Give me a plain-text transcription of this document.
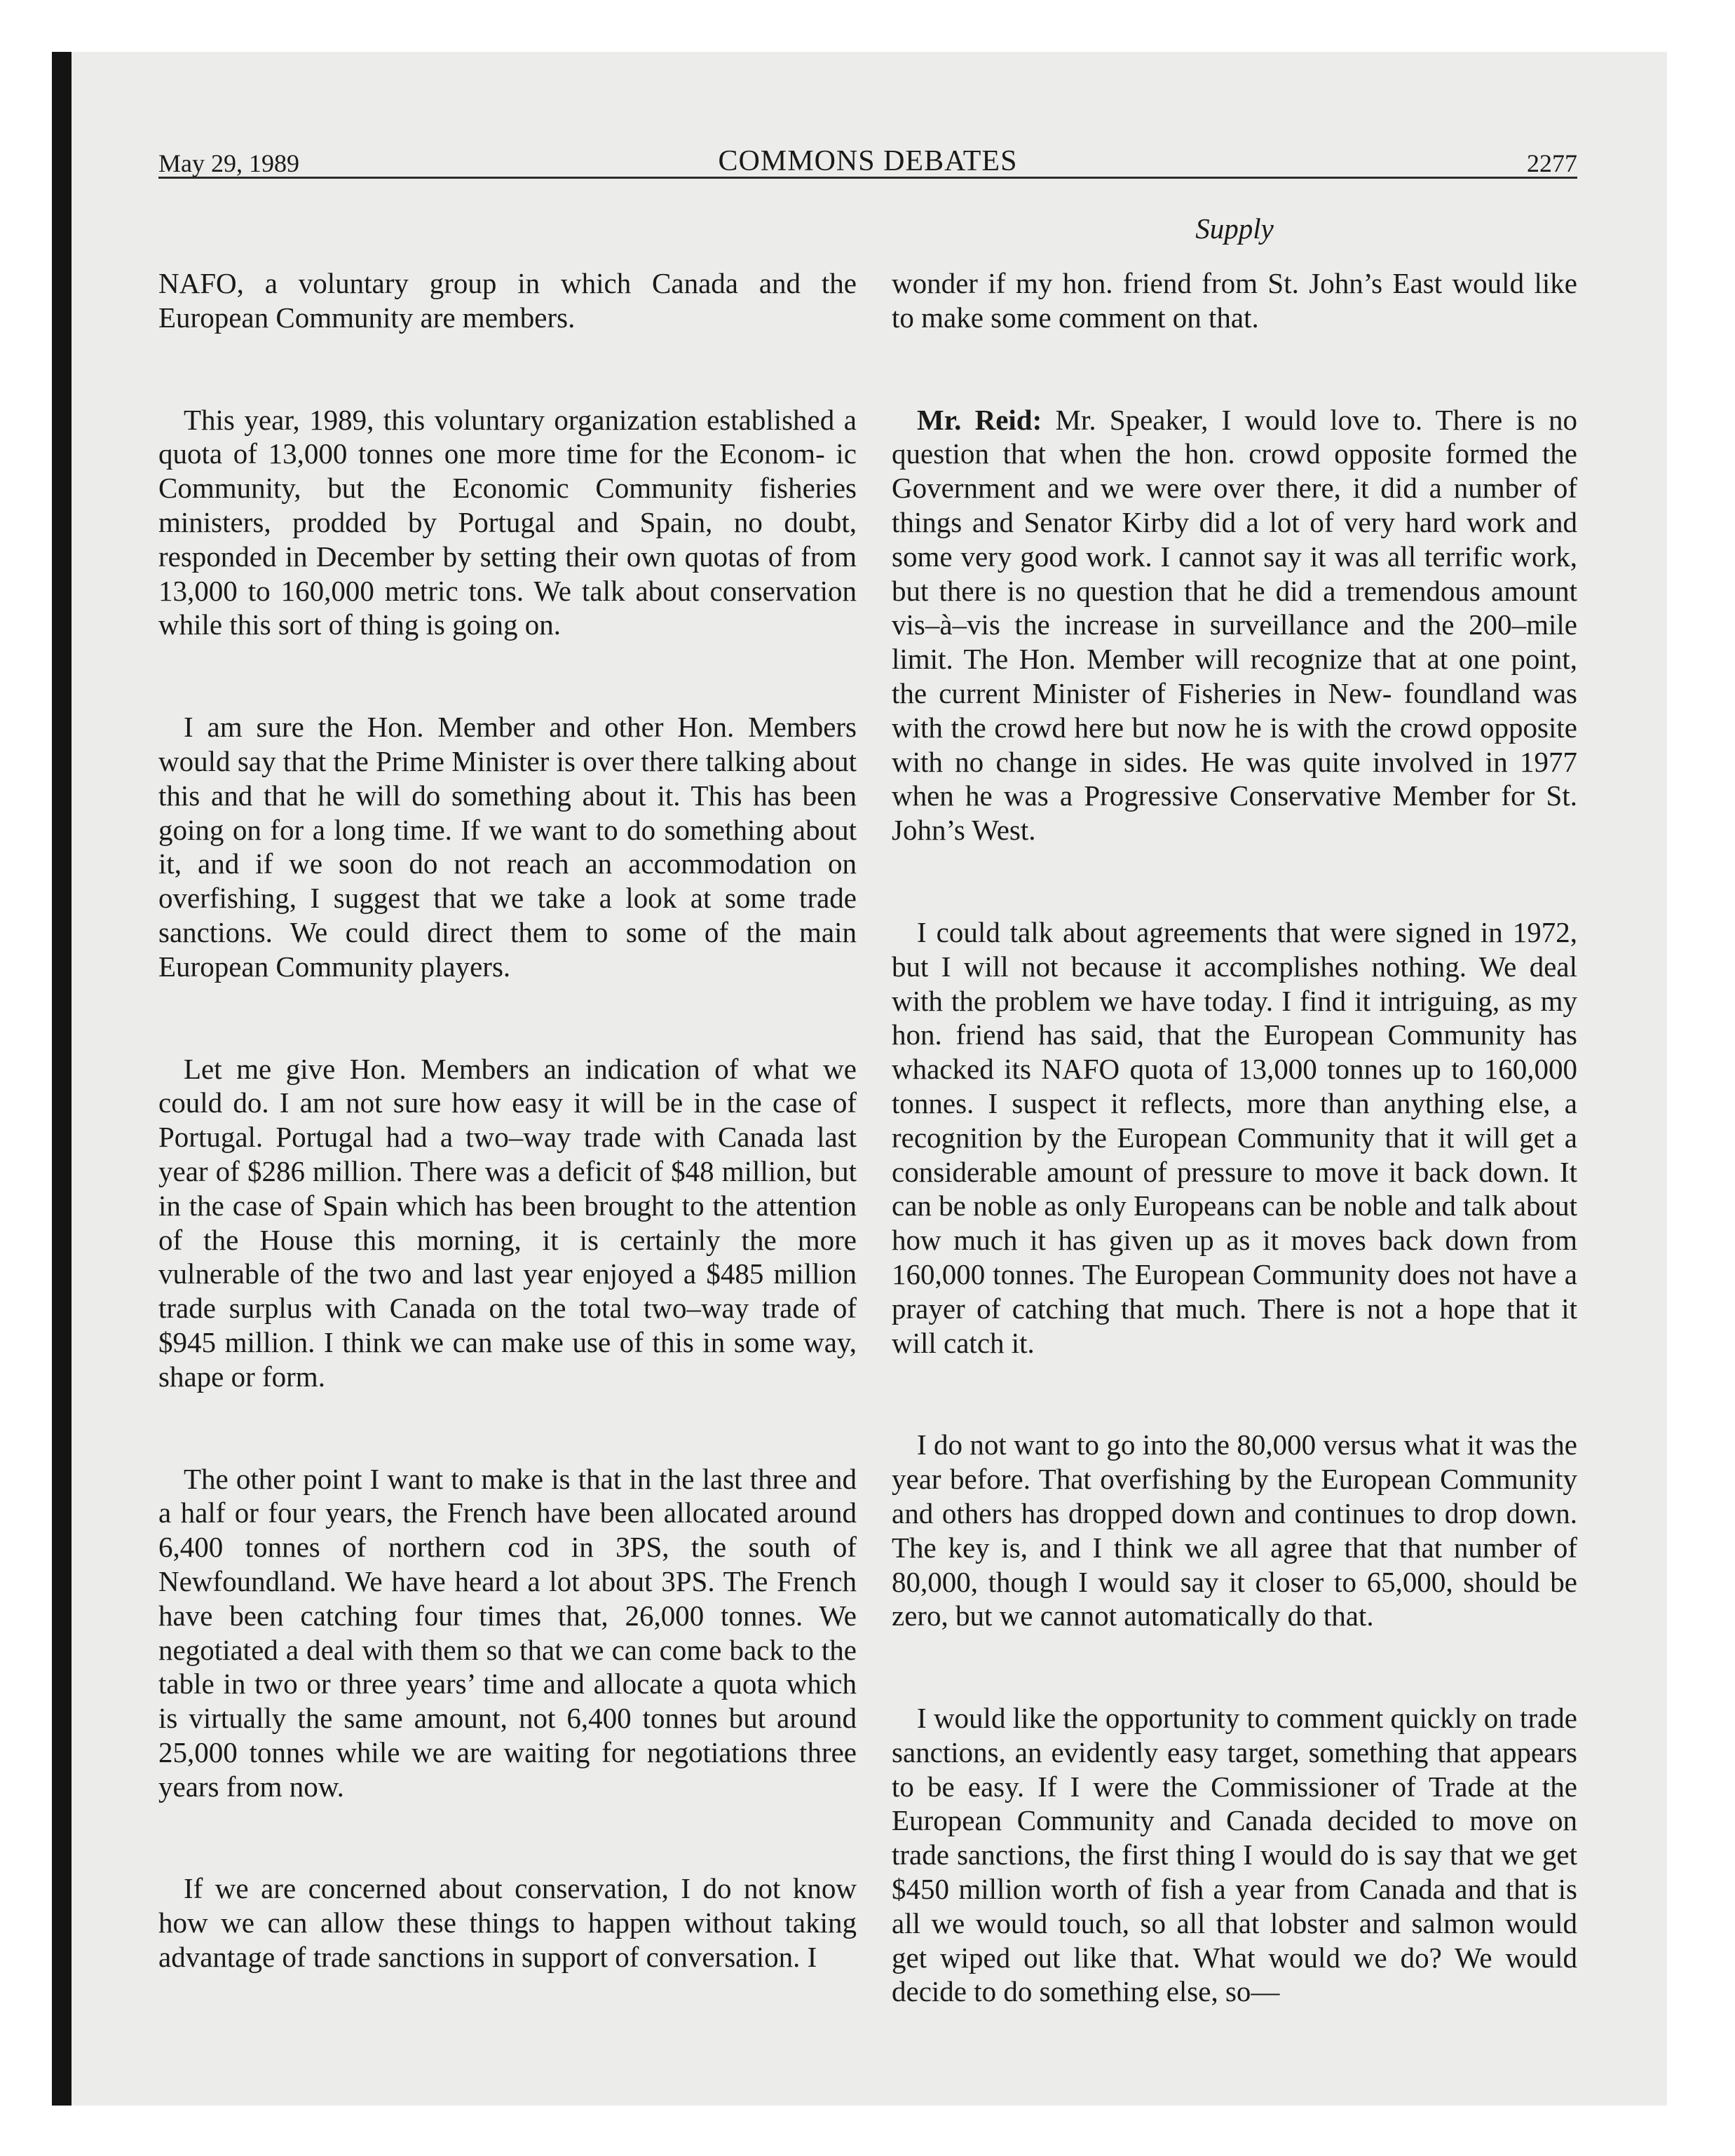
May 29, 1989	COMMONS DEBATES	2277
Supply

NAFO, a voluntary group in which Canada and the European Community are members.

This year, 1989, this voluntary organization established a quota of 13,000 tonnes one more time for the Econom- ic Community, but the Economic Community fisheries ministers, prodded by Portugal and Spain, no doubt, responded in December by setting their own quotas of from 13,000 to 160,000 metric tons. We talk about conservation while this sort of thing is going on.

I am sure the Hon. Member and other Hon. Members would say that the Prime Minister is over there talking about this and that he will do something about it. This has been going on for a long time. If we want to do something about it, and if we soon do not reach an accommodation on overfishing, I suggest that we take a look at some trade sanctions. We could direct them to some of the main European Community players.

Let me give Hon. Members an indication of what we could do. I am not sure how easy it will be in the case of Portugal. Portugal had a two–way trade with Canada last year of $286 million. There was a deficit of $48 million, but in the case of Spain which has been brought to the attention of the House this morning, it is certainly the more vulnerable of the two and last year enjoyed a $485 million trade surplus with Canada on the total two–way trade of $945 million. I think we can make use of this in some way, shape or form.

The other point I want to make is that in the last three and a half or four years, the French have been allocated around 6,400 tonnes of northern cod in 3PS, the south of Newfoundland. We have heard a lot about 3PS. The French have been catching four times that, 26,000 tonnes. We negotiated a deal with them so that we can come back to the table in two or three years’ time and allocate a quota which is virtually the same amount, not 6,400 tonnes but around 25,000 tonnes while we are waiting for negotiations three years from now.

If we are concerned about conservation, I do not know how we can allow these things to happen without taking advantage of trade sanctions in support of conversation. I

wonder if my hon. friend from St. John’s East would like to make some comment on that.

Mr. Reid: Mr. Speaker, I would love to. There is no question that when the hon. crowd opposite formed the Government and we were over there, it did a number of things and Senator Kirby did a lot of very hard work and some very good work. I cannot say it was all terrific work, but there is no question that he did a tremendous amount vis–à–vis the increase in surveillance and the 200–mile limit. The Hon. Member will recognize that at one point, the current Minister of Fisheries in New- foundland was with the crowd here but now he is with the crowd opposite with no change in sides. He was quite involved in 1977 when he was a Progressive Conservative Member for St. John’s West.

I could talk about agreements that were signed in 1972, but I will not because it accomplishes nothing. We deal with the problem we have today. I find it intriguing, as my hon. friend has said, that the European Community has whacked its NAFO quota of 13,000 tonnes up to 160,000 tonnes. I suspect it reflects, more than anything else, a recognition by the European Community that it will get a considerable amount of pressure to move it back down. It can be noble as only Europeans can be noble and talk about how much it has given up as it moves back down from 160,000 tonnes. The European Community does not have a prayer of catching that much. There is not a hope that it will catch it.

I do not want to go into the 80,000 versus what it was the year before. That overfishing by the European Community and others has dropped down and continues to drop down. The key is, and I think we all agree that that number of 80,000, though I would say it closer to 65,000, should be zero, but we cannot automatically do that.

I would like the opportunity to comment quickly on trade sanctions, an evidently easy target, something that appears to be easy. If I were the Commissioner of Trade at the European Community and Canada decided to move on trade sanctions, the first thing I would do is say that we get $450 million worth of fish a year from Canada and that is all we would touch, so all that lobster and salmon would get wiped out like that. What would we do? We would decide to do something else, so—
